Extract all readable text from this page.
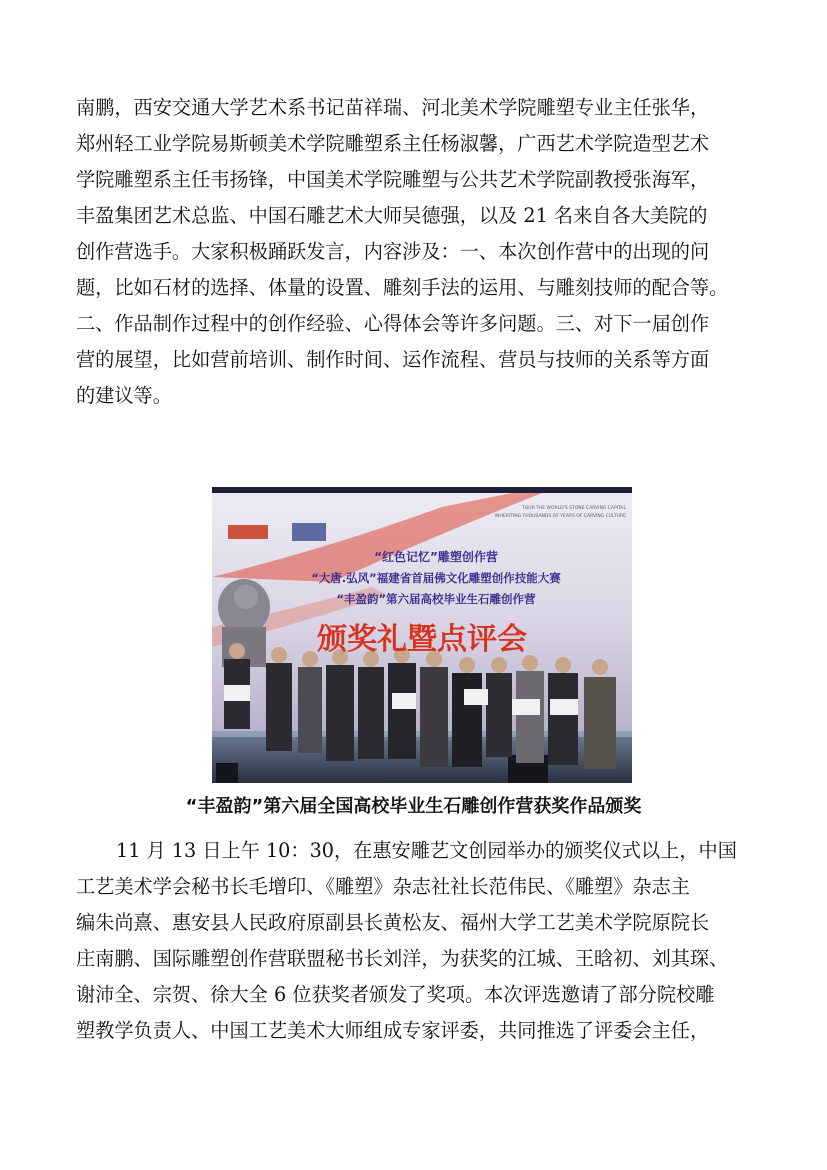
南鹏，西安交通大学艺术系书记苗祥瑞、河北美术学院雕塑专业主任张华，
郑州轻工业学院易斯顿美术学院雕塑系主任杨淑馨，广西艺术学院造型艺术
学院雕塑系主任韦扬锋，中国美术学院雕塑与公共艺术学院副教授张海军，
丰盈集团艺术总监、中国石雕艺术大师吴德强，以及 21 名来自各大美院的
创作营选手。大家积极踊跃发言，内容涉及：一、本次创作营中的出现的问
题，比如石材的选择、体量的设置、雕刻手法的运用、与雕刻技师的配合等。
二、作品制作过程中的创作经验、心得体会等许多问题。三、对下一届创作
营的展望，比如营前培训、制作时间、运作流程、营员与技师的关系等方面
的建议等。
“红色记忆”雕塑创作营
“大唐.弘风”福建省首届佛文化雕塑创作技能大赛
“丰盈韵”第六届高校毕业生石雕创作营
颁奖礼暨点评会
TOUR THE WORLD'S STONE CARVING CAPITAL
INHERITING THOUSANDS OF YEARS OF CARVING CULTURE
“丰盈韵”第六届全国高校毕业生石雕创作营获奖作品颁奖
11 月 13 日上午 10：30，在惠安雕艺文创园举办的颁奖仪式以上，中国
工艺美术学会秘书长毛增印、《雕塑》杂志社社长范伟民、《雕塑》杂志主
编朱尚熹、惠安县人民政府原副县长黄松友、福州大学工艺美术学院原院长
庄南鹏、国际雕塑创作营联盟秘书长刘洋，为获奖的江城、王晗初、刘其琛、
谢沛全、宗贺、徐大全 6 位获奖者颁发了奖项。本次评选邀请了部分院校雕
塑教学负责人、中国工艺美术大师组成专家评委，共同推选了评委会主任，
